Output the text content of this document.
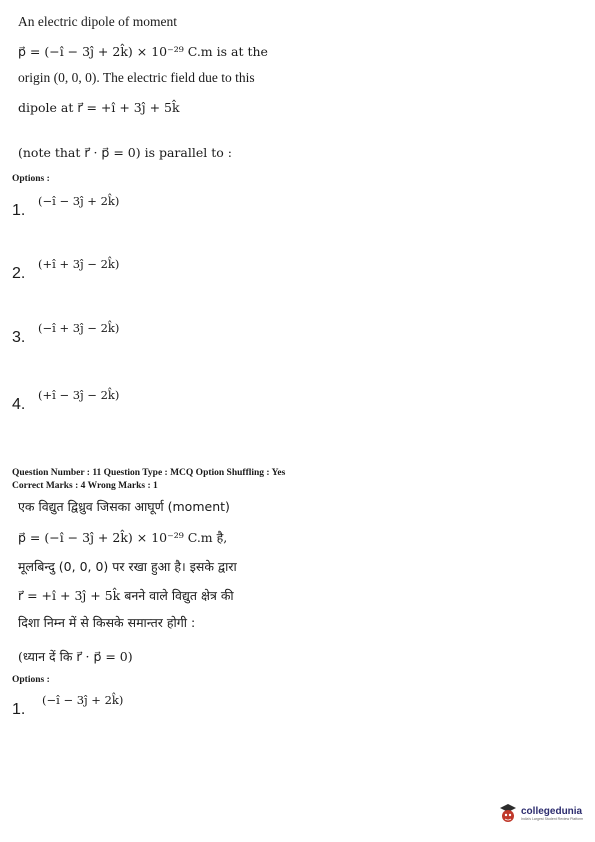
An electric dipole of moment
p⃗ = (−î − 3ĵ + 2k̂) × 10⁻²⁹ C.m is at the
origin (0, 0, 0). The electric field due to this
dipole at r⃗ = +î + 3ĵ + 5k̂
(note that r⃗ · p⃗ = 0) is parallel to :
Options :
1.
(−î − 3ĵ + 2k̂)
2.
(+î + 3ĵ − 2k̂)
3.
(−î + 3ĵ − 2k̂)
4.
(+î − 3ĵ − 2k̂)
Question Number : 11 Question Type : MCQ Option Shuffling : Yes
Correct Marks : 4 Wrong Marks : 1
एक विद्युत द्विध्रुव जिसका आघूर्ण (moment)
p⃗ = (−î − 3ĵ + 2k̂) × 10⁻²⁹ C.m है,
मूलबिन्दु (0, 0, 0) पर रखा हुआ है। इसके द्वारा
r⃗ = +î + 3ĵ + 5k̂ बनने वाले विद्युत क्षेत्र की
दिशा निम्न में से किसके समान्तर होगी :
(ध्यान दें कि r⃗ · p⃗ = 0)
Options :
1.
(−î − 3ĵ + 2k̂)
collegedunia
India's Largest Student Review Platform
